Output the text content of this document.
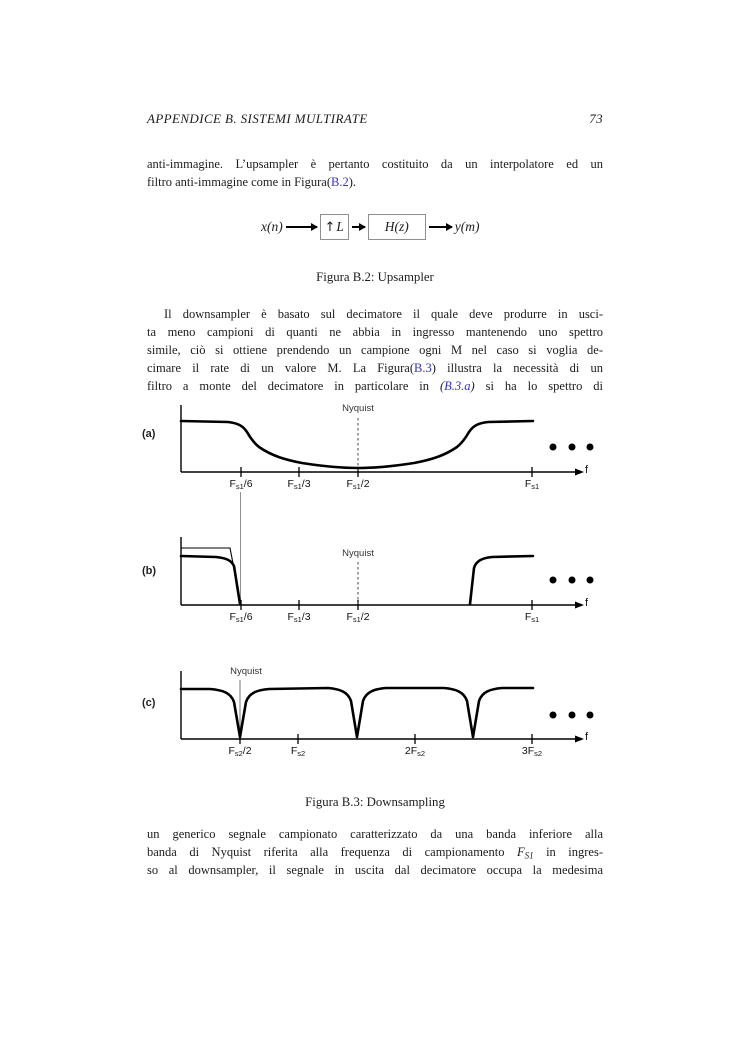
APPENDICE B. SISTEMI MULTIRATE	73
anti-immagine. L’upsampler è pertanto costituito da un interpolatore ed un
filtro anti-immagine come in Figura(B.2).
x(n)	↑ L	H(z)	y(m)
Figura B.2: Upsampler
Il downsampler è basato sul decimatore il quale deve produrre in usci-
ta meno campioni di quanti ne abbia in ingresso mantenendo uno spettro
simile, ciò si ottiene prendendo un campione ogni M nel caso si voglia de-
cimare il rate di un valore M. La Figura(B.3) illustra la necessità di un
filtro a monte del decimatore in particolare in (B.3.a) si ha lo spettro di
(a)
Nyquist
Fs1/6	Fs1/3	Fs1/2	Fs1
f
(b)
Nyquist
Fs1/6	Fs1/3	Fs1/2	Fs1
f
(c)
Nyquist
Fs2/2	Fs2	2Fs2	3Fs2
f
Figura B.3: Downsampling
un generico segnale campionato caratterizzato da una banda inferiore alla
banda di Nyquist riferita alla frequenza di campionamento FS1 in ingres-
so al downsampler, il segnale in uscita dal decimatore occupa la medesima
